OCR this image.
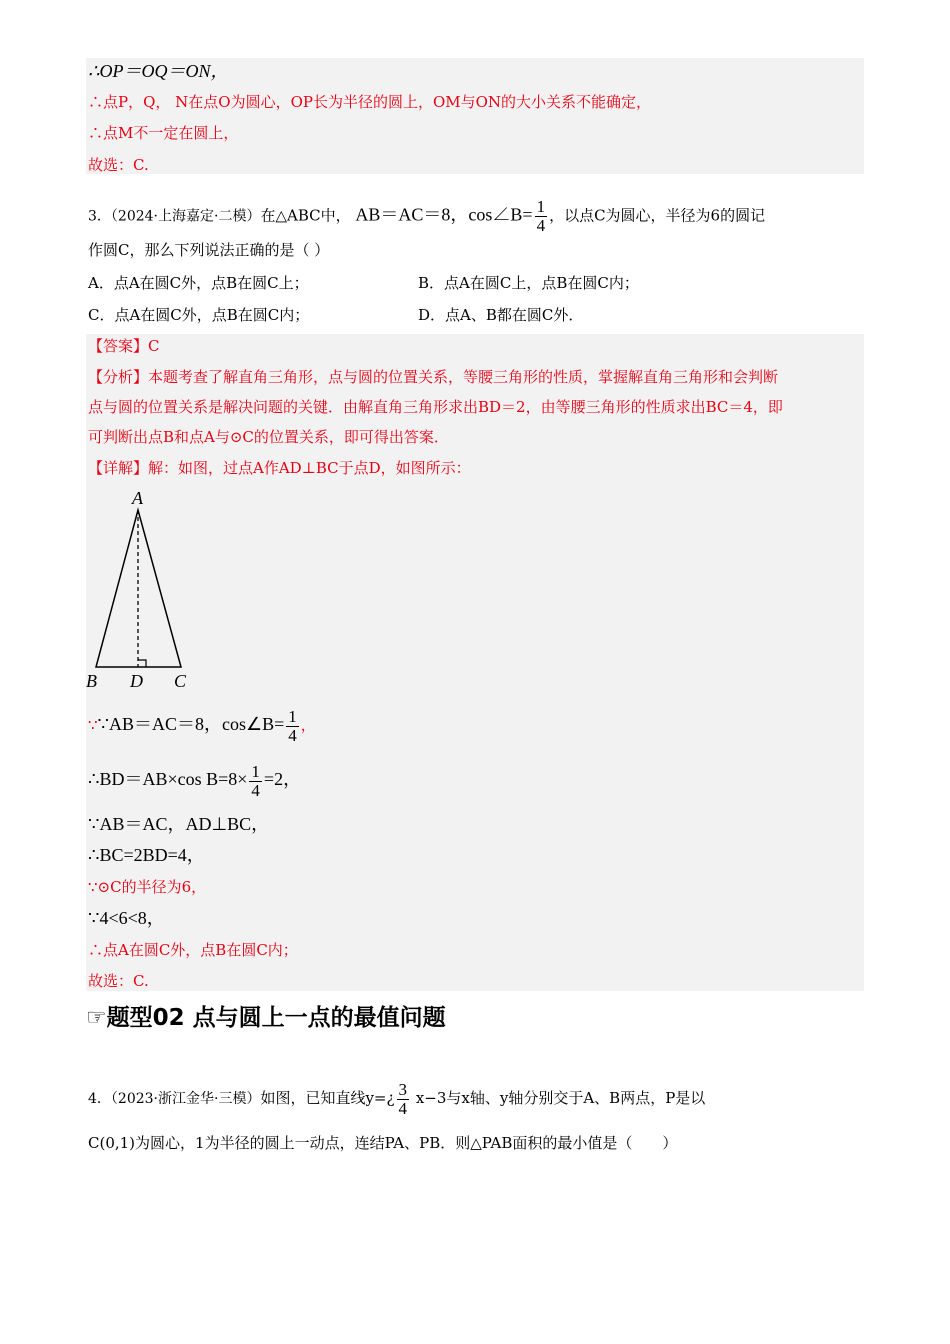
∴OP＝OQ＝ON，
∴点P，Q， N在点O为圆心，OP长为半径的圆上，OM与ON的大小关系不能确定，
∴点M不一定在圆上，
故选：C.
3．（2024·上海嘉定·二模）在△ABC中， AB＝AC＝8，cos∠B= $\frac{1}{4}$ ，以点C为圆心，半径为6的圆记
作圆C，那么下列说法正确的是（ ）
A．点A在圆C外，点B在圆C上；	B．点A在圆C上，点B在圆C内；
C．点A在圆C外，点B在圆C内；	D．点A、B都在圆C外．
【答案】C
【分析】本题考查了解直角三角形，点与圆的位置关系，等腰三角形的性质，掌握解直角三角形和会判断
点与圆的位置关系是解决问题的关键．由解直角三角形求出BD＝2，由等腰三角形的性质求出BC＝4，即
可判断出点B和点A与⊙C的位置关系，即可得出答案．
【详解】解：如图，过点A作AD⊥BC于点D，如图所示：
A
B D C
∵∵AB＝AC＝8，cos∠B= $\frac{1}{4}$ ，
∴BD＝AB×cos $B=8\times \frac{1}{4} =2$，
∵AB＝AC，AD⊥BC，
∴BC=2BD=4，
∵⊙C的半径为6，
∵4<6<8，
∴点A在圆C外，点B在圆C内；
故选：C.
☞题型02 点与圆上一点的最值问题
4．（2023·浙江金华·三模）如图，已知直线y=¿ $\frac{3}{4} x-3$与x轴、y轴分别交于A、B两点，P是以
C(0,1)为圆心，1为半径的圆上一动点，连结PA、PB．则△PAB面积的最小值是（　　）
